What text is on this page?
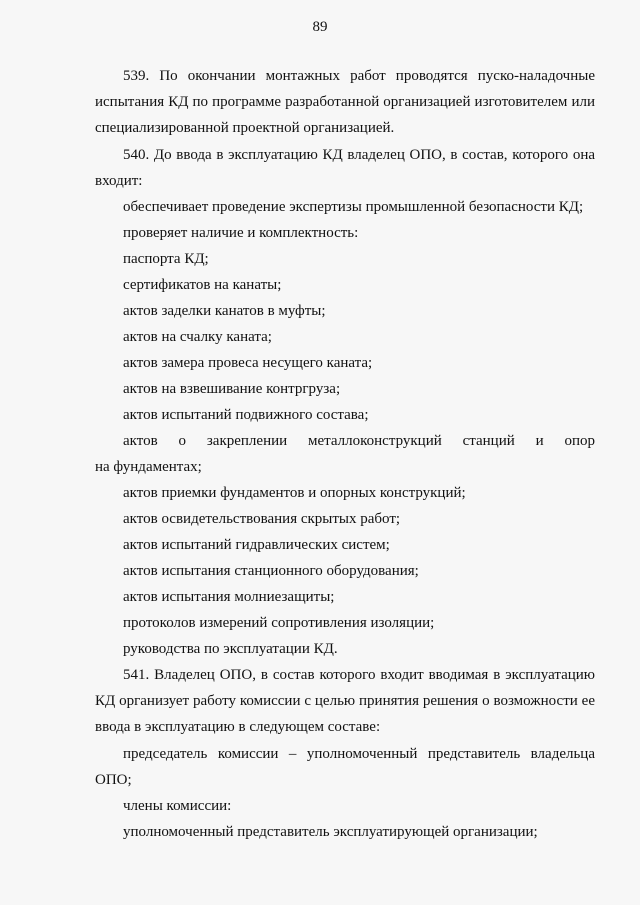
89
539. По окончании монтажных работ проводятся пуско-наладочные
испытания КД по программе разработанной организацией изготовителем или
специализированной проектной организацией.
540. До ввода в эксплуатацию КД владелец ОПО, в состав, которого она
входит:
обеспечивает проведение экспертизы промышленной безопасности КД;
проверяет наличие и комплектность:
паспорта КД;
сертификатов на канаты;
актов заделки канатов в муфты;
актов на счалку каната;
актов замера провеса несущего каната;
актов на взвешивание контргруза;
актов испытаний подвижного состава;
актов о закреплении металлоконструкций станций и опор
на фундаментах;
актов приемки фундаментов и опорных конструкций;
актов освидетельствования скрытых работ;
актов испытаний гидравлических систем;
актов испытания станционного оборудования;
актов испытания молниезащиты;
протоколов измерений сопротивления изоляции;
руководства по эксплуатации КД.
541. Владелец ОПО, в состав которого входит вводимая в эксплуатацию
КД организует работу комиссии с целью принятия решения о возможности ее
ввода в эксплуатацию в следующем составе:
председатель комиссии – уполномоченный представитель владельца
ОПО;
члены комиссии:
уполномоченный представитель эксплуатирующей организации;
